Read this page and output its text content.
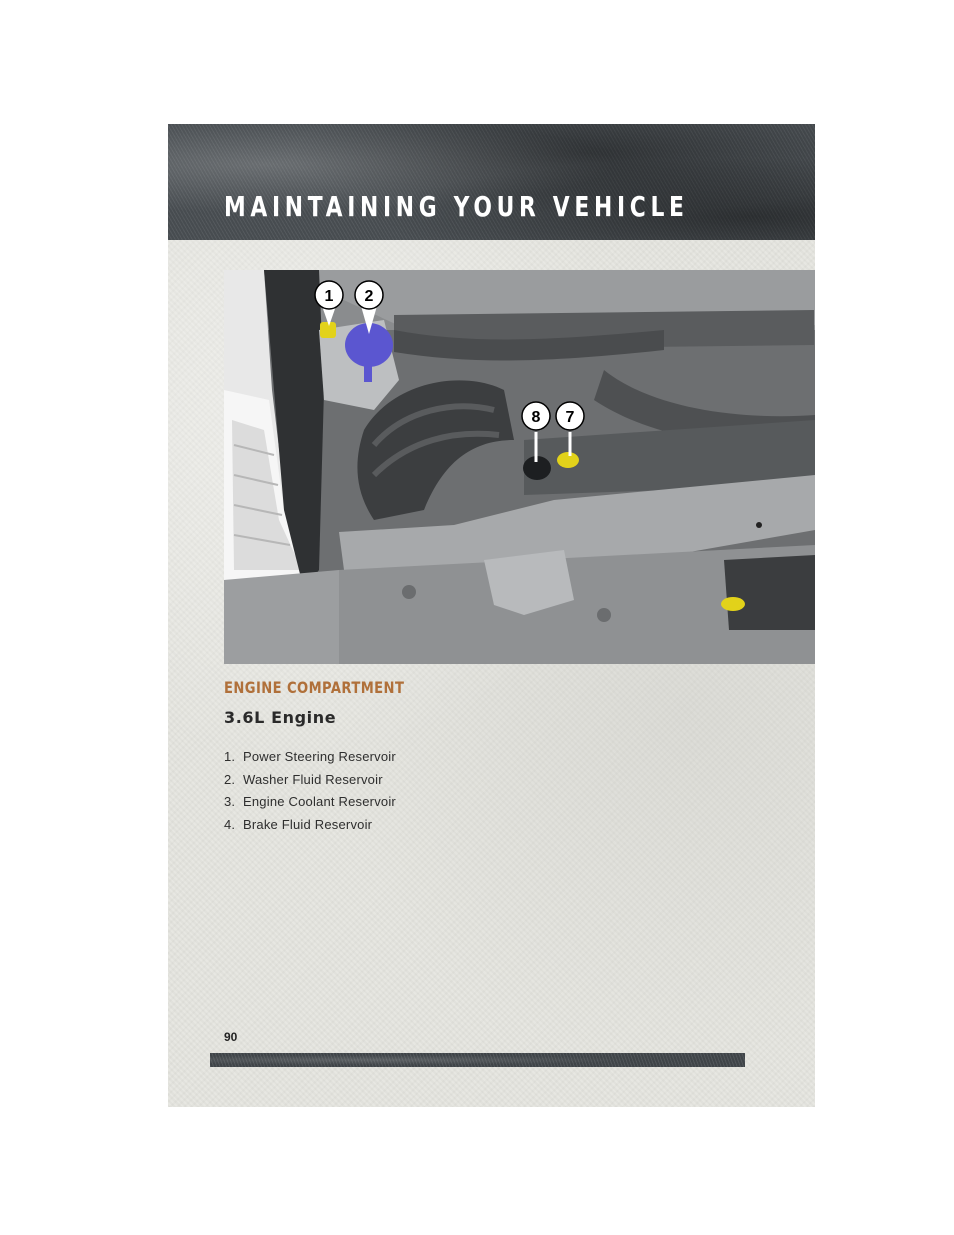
MAINTAINING YOUR VEHICLE
1 2
8 7
ENGINE COMPARTMENT
3.6L Engine
1. Power Steering Reservoir
2. Washer Fluid Reservoir
3. Engine Coolant Reservoir
4. Brake Fluid Reservoir
90
